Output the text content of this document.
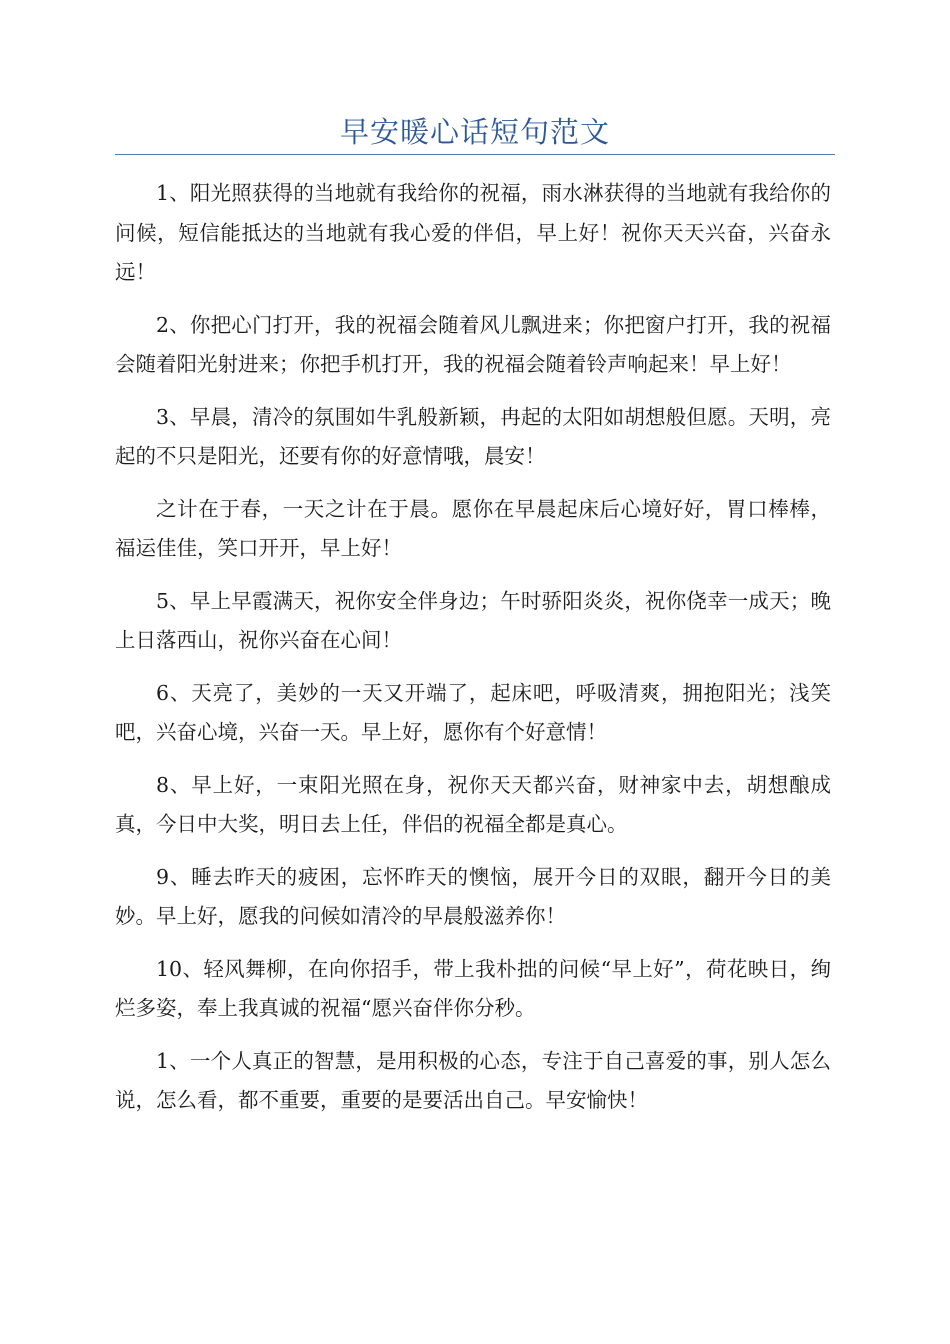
早安暖心话短句范文

1、阳光照获得的当地就有我给你的祝福，雨水淋获得的当地就有我给你的问候，短信能抵达的当地就有我心爱的伴侣，早上好！祝你天天兴奋，兴奋永远！

2、你把心门打开，我的祝福会随着风儿飘进来；你把窗户打开，我的祝福会随着阳光射进来；你把手机打开，我的祝福会随着铃声响起来！早上好！

3、早晨，清冷的氛围如牛乳般新颖，冉起的太阳如胡想般但愿。天明，亮起的不只是阳光，还要有你的好意情哦，晨安！

之计在于春，一天之计在于晨。愿你在早晨起床后心境好好，胃口棒棒，福运佳佳，笑口开开，早上好！

5、早上早霞满天，祝你安全伴身边；午时骄阳炎炎，祝你侥幸一成天；晚上日落西山，祝你兴奋在心间！

6、天亮了，美妙的一天又开端了，起床吧，呼吸清爽，拥抱阳光；浅笑吧，兴奋心境，兴奋一天。早上好，愿你有个好意情！

8、早上好，一束阳光照在身，祝你天天都兴奋，财神家中去，胡想酿成真，今日中大奖，明日去上任，伴侣的祝福全都是真心。

9、睡去昨天的疲困，忘怀昨天的懊恼，展开今日的双眼，翻开今日的美妙。早上好，愿我的问候如清冷的早晨般滋养你！

10、轻风舞柳，在向你招手，带上我朴拙的问候“早上好”，荷花映日，绚烂多姿，奉上我真诚的祝福“愿兴奋伴你分秒。

1、一个人真正的智慧，是用积极的心态，专注于自己喜爱的事，别人怎么说，怎么看，都不重要，重要的是要活出自己。早安愉快！
